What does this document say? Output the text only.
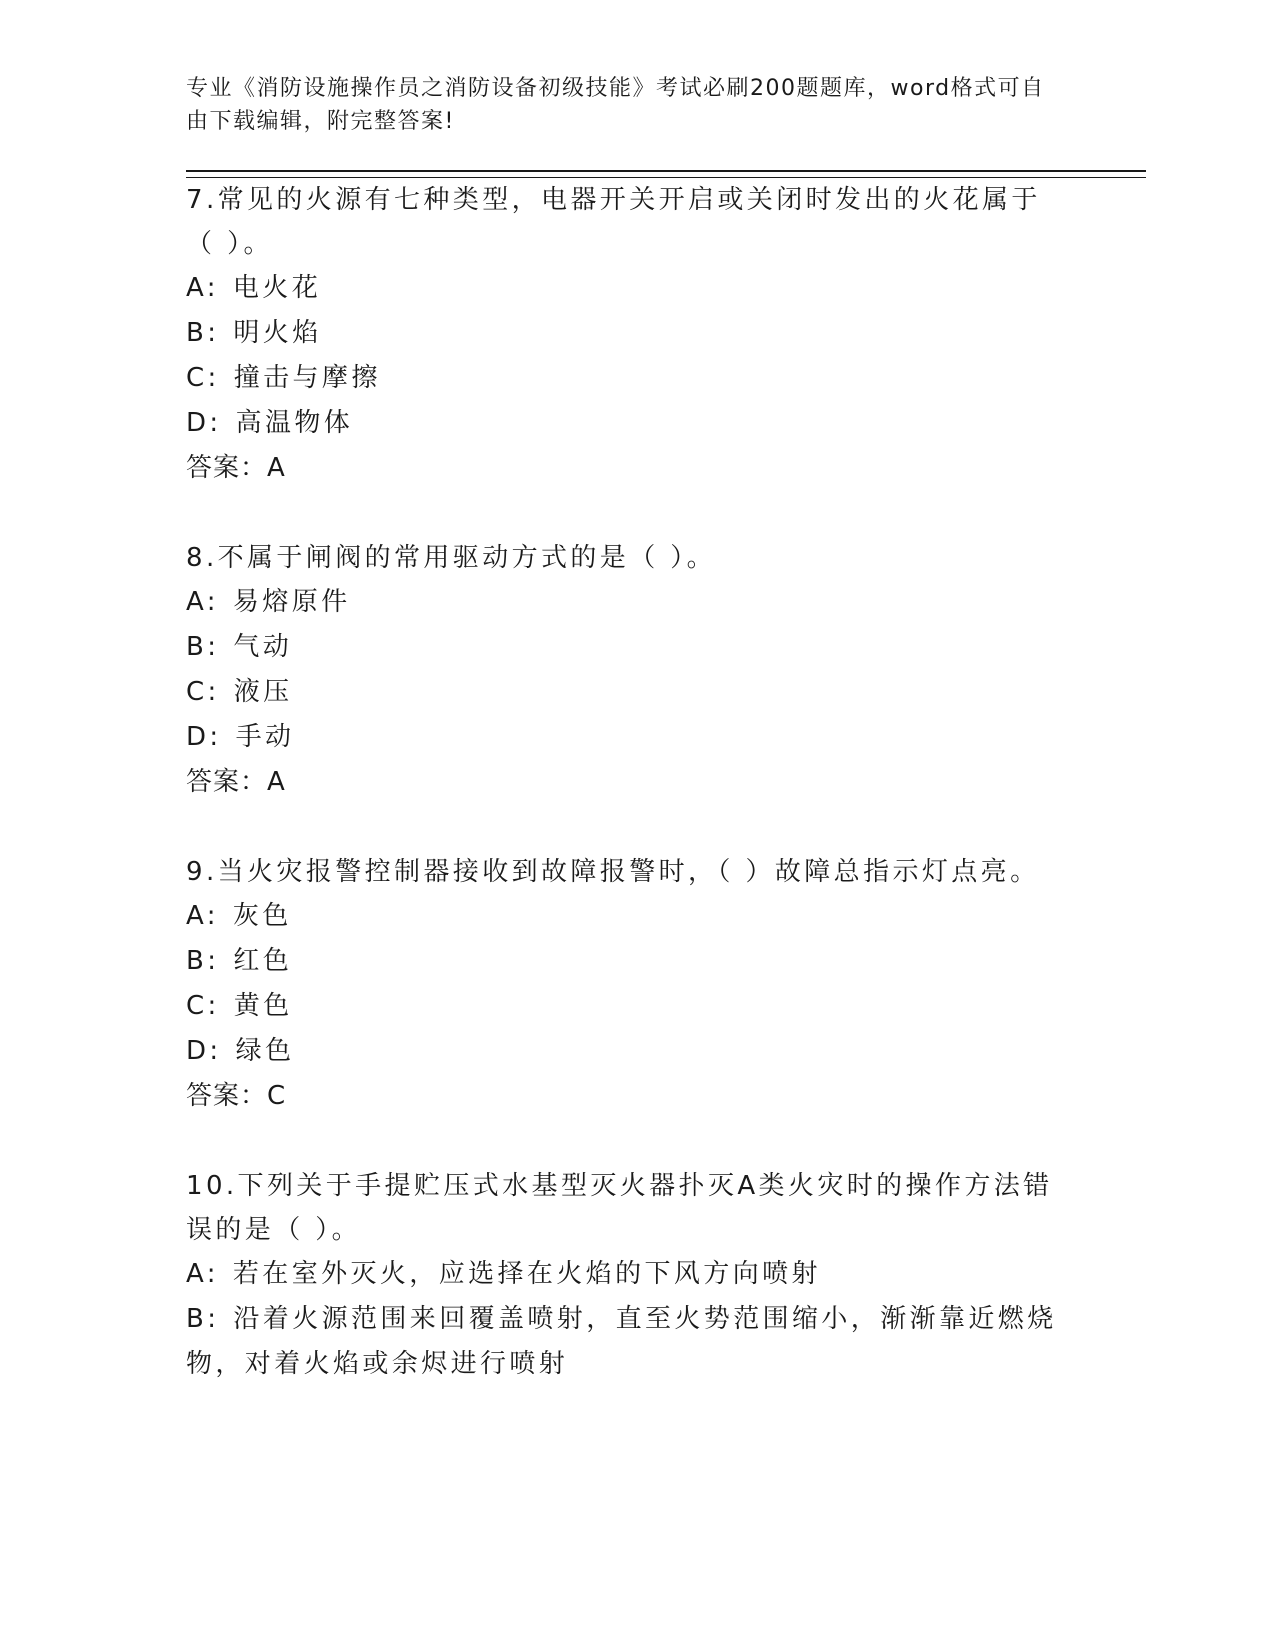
专业《消防设施操作员之消防设备初级技能》考试必刷200题题库，word格式可自由下载编辑，附完整答案!

7.常见的火源有七种类型，电器开关开启或关闭时发出的火花属于（ ）。

A: 电火花

B: 明火焰

C: 撞击与摩擦

D: 高温物体

答案：A

8.不属于闸阀的常用驱动方式的是（ ）。

A: 易熔原件

B: 气动

C: 液压

D: 手动

答案：A

9.当火灾报警控制器接收到故障报警时，（ ）故障总指示灯点亮。

A: 灰色

B: 红色

C: 黄色

D: 绿色

答案：C

10.下列关于手提贮压式水基型灭火器扑灭A类火灾时的操作方法错误的是（ ）。

A: 若在室外灭火，应选择在火焰的下风方向喷射

B: 沿着火源范围来回覆盖喷射，直至火势范围缩小，渐渐靠近燃烧物，对着火焰或余烬进行喷射
